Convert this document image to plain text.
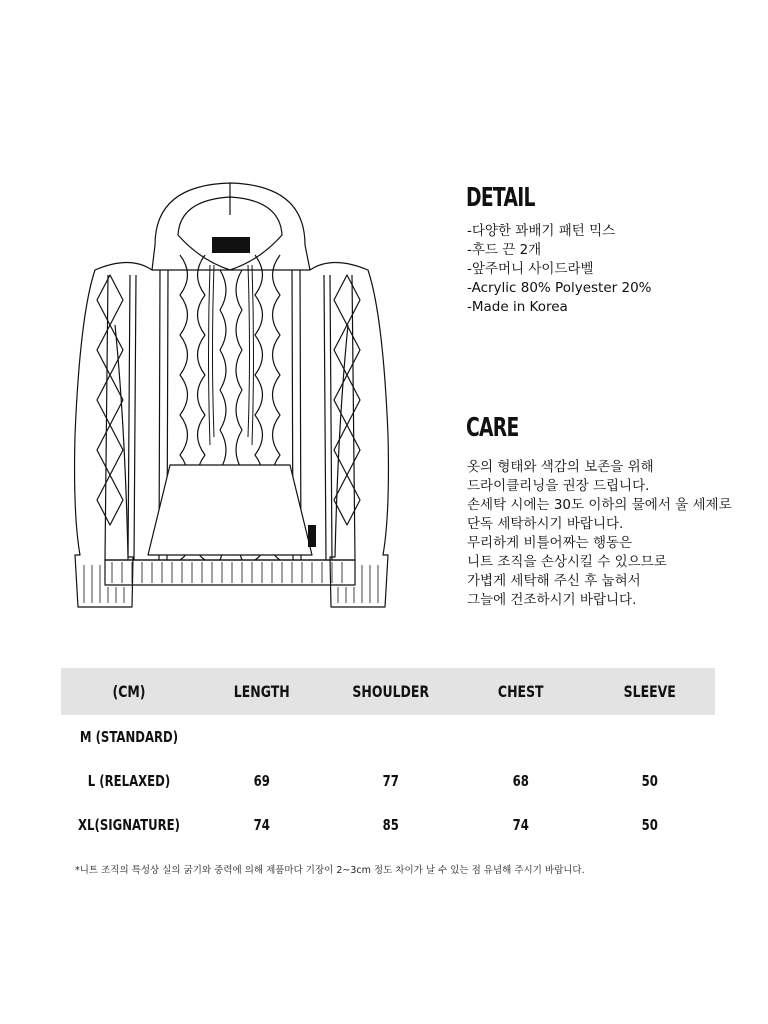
DETAIL
-다양한 꽈배기 패턴 믹스
-후드 끈 2개
-앞주머니 사이드라벨
-Acrylic 80% Polyester 20%
-Made in Korea
CARE
옷의 형태와 색감의 보존을 위해
드라이클리닝을 권장 드립니다.
손세탁 시에는 30도 이하의 물에서 울 세제로
단독 세탁하시기 바랍니다.
무리하게 비틀어짜는 행동은
니트 조직을 손상시킬 수 있으므로
가볍게 세탁해 주신 후 눕혀서
그늘에 건조하시기 바랍니다.
(CM)	LENGTH	SHOULDER	CHEST	SLEEVE
M (STANDARD)
L (RELAXED)	69	77	68	50
XL(SIGNATURE)	74	85	74	50
*니트 조직의 특성상 실의 굵기와 중력에 의해 제품마다 기장이 2~3cm 정도 차이가 날 수 있는 점 유념해 주시기 바랍니다.
